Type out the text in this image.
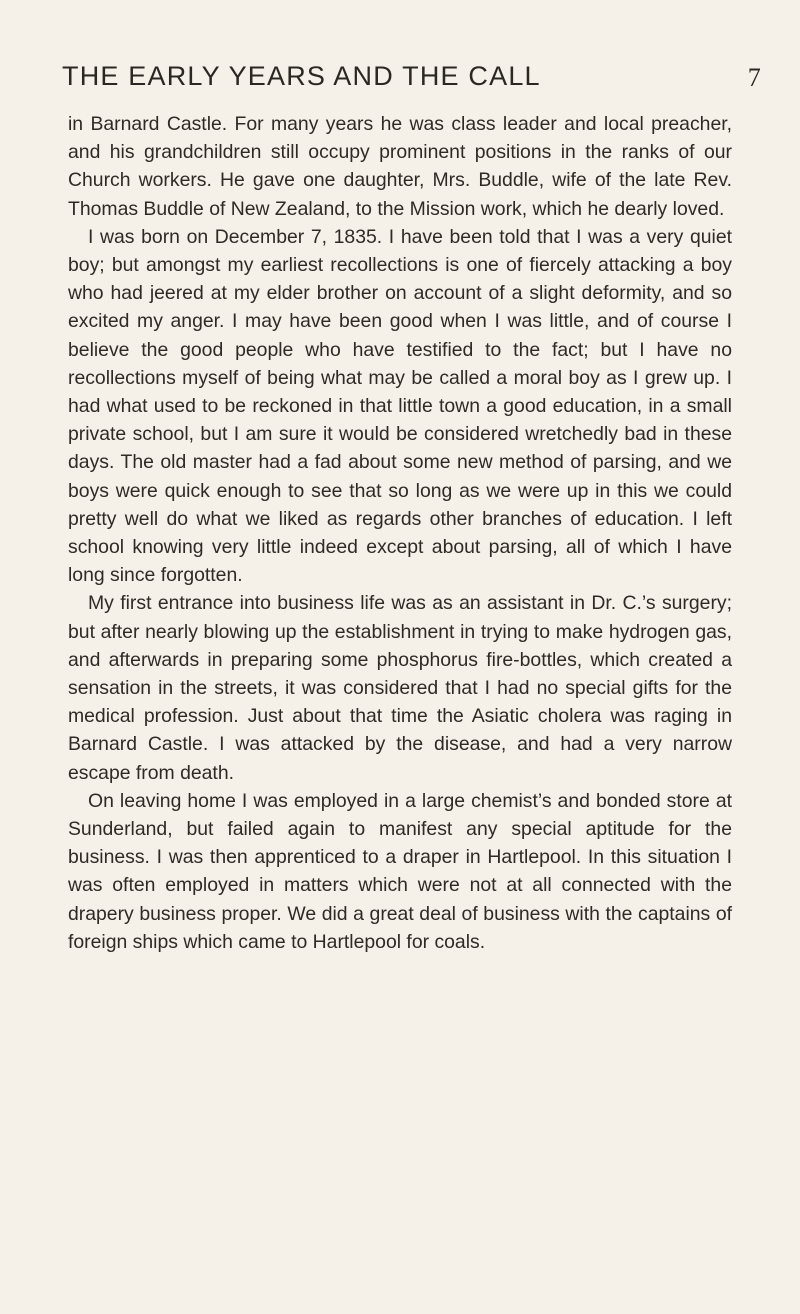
THE EARLY YEARS AND THE CALL	7

in Barnard Castle. For many years he was class leader and local preacher, and his grandchildren still occupy prominent positions in the ranks of our Church workers. He gave one daughter, Mrs. Buddle, wife of the late Rev. Thomas Buddle of New Zealand, to the Mission work, which he dearly loved.

I was born on December 7, 1835. I have been told that I was a very quiet boy; but amongst my earliest recollections is one of fiercely attacking a boy who had jeered at my elder brother on account of a slight deformity, and so excited my anger. I may have been good when I was little, and of course I believe the good people who have testified to the fact; but I have no recollections myself of being what may be called a moral boy as I grew up. I had what used to be reckoned in that little town a good education, in a small private school, but I am sure it would be considered wretchedly bad in these days. The old master had a fad about some new method of parsing, and we boys were quick enough to see that so long as we were up in this we could pretty well do what we liked as regards other branches of education. I left school knowing very little indeed except about parsing, all of which I have long since forgotten.

My first entrance into business life was as an assistant in Dr. C.’s surgery; but after nearly blowing up the establishment in trying to make hydrogen gas, and afterwards in preparing some phosphorus fire-bottles, which created a sensation in the streets, it was considered that I had no special gifts for the medical profession. Just about that time the Asiatic cholera was raging in Barnard Castle. I was attacked by the disease, and had a very narrow escape from death.

On leaving home I was employed in a large chemist’s and bonded store at Sunderland, but failed again to manifest any special aptitude for the business. I was then apprenticed to a draper in Hartlepool. In this situation I was often employed in matters which were not at all connected with the drapery business proper. We did a great deal of business with the captains of foreign ships which came to Hartlepool for coals.
